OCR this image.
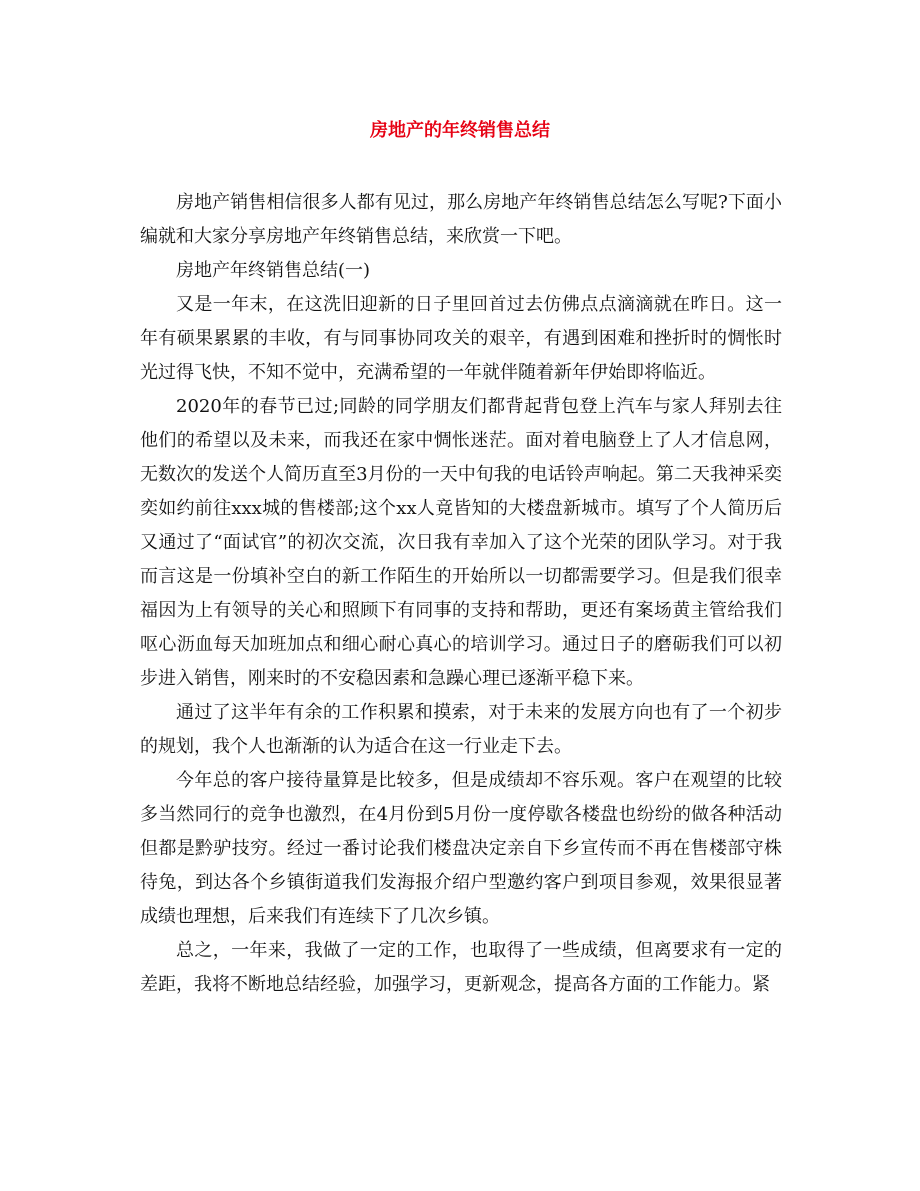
房地产的年终销售总结

房地产销售相信很多人都有见过，那么房地产年终销售总结怎么写呢?下面小编就和大家分享房地产年终销售总结，来欣赏一下吧。

房地产年终销售总结(一)

又是一年末，在这洗旧迎新的日子里回首过去仿佛点点滴滴就在昨日。这一年有硕果累累的丰收，有与同事协同攻关的艰辛，有遇到困难和挫折时的惆怅时光过得飞快，不知不觉中，充满希望的一年就伴随着新年伊始即将临近。

2020年的春节已过;同龄的同学朋友们都背起背包登上汽车与家人拜别去往他们的希望以及未来，而我还在家中惆怅迷茫。面对着电脑登上了人才信息网，无数次的发送个人简历直至3月份的一天中旬我的电话铃声响起。第二天我神采奕奕如约前往xxx城的售楼部;这个xx人竟皆知的大楼盘新城市。填写了个人简历后又通过了“面试官”的初次交流，次日我有幸加入了这个光荣的团队学习。对于我而言这是一份填补空白的新工作陌生的开始所以一切都需要学习。但是我们很幸福因为上有领导的关心和照顾下有同事的支持和帮助，更还有案场黄主管给我们呕心沥血每天加班加点和细心耐心真心的培训学习。通过日子的磨砺我们可以初步进入销售，刚来时的不安稳因素和急躁心理已逐渐平稳下来。

通过了这半年有余的工作积累和摸索，对于未来的发展方向也有了一个初步的规划，我个人也渐渐的认为适合在这一行业走下去。

今年总的客户接待量算是比较多，但是成绩却不容乐观。客户在观望的比较多当然同行的竞争也激烈，在4月份到5月份一度停歇各楼盘也纷纷的做各种活动但都是黔驴技穷。经过一番讨论我们楼盘决定亲自下乡宣传而不再在售楼部守株待兔，到达各个乡镇街道我们发海报介绍户型邀约客户到项目参观，效果很显著成绩也理想，后来我们有连续下了几次乡镇。

总之，一年来，我做了一定的工作，也取得了一些成绩，但离要求有一定的差距，我将不断地总结经验，加强学习，更新观念，提高各方面的工作能力。紧
